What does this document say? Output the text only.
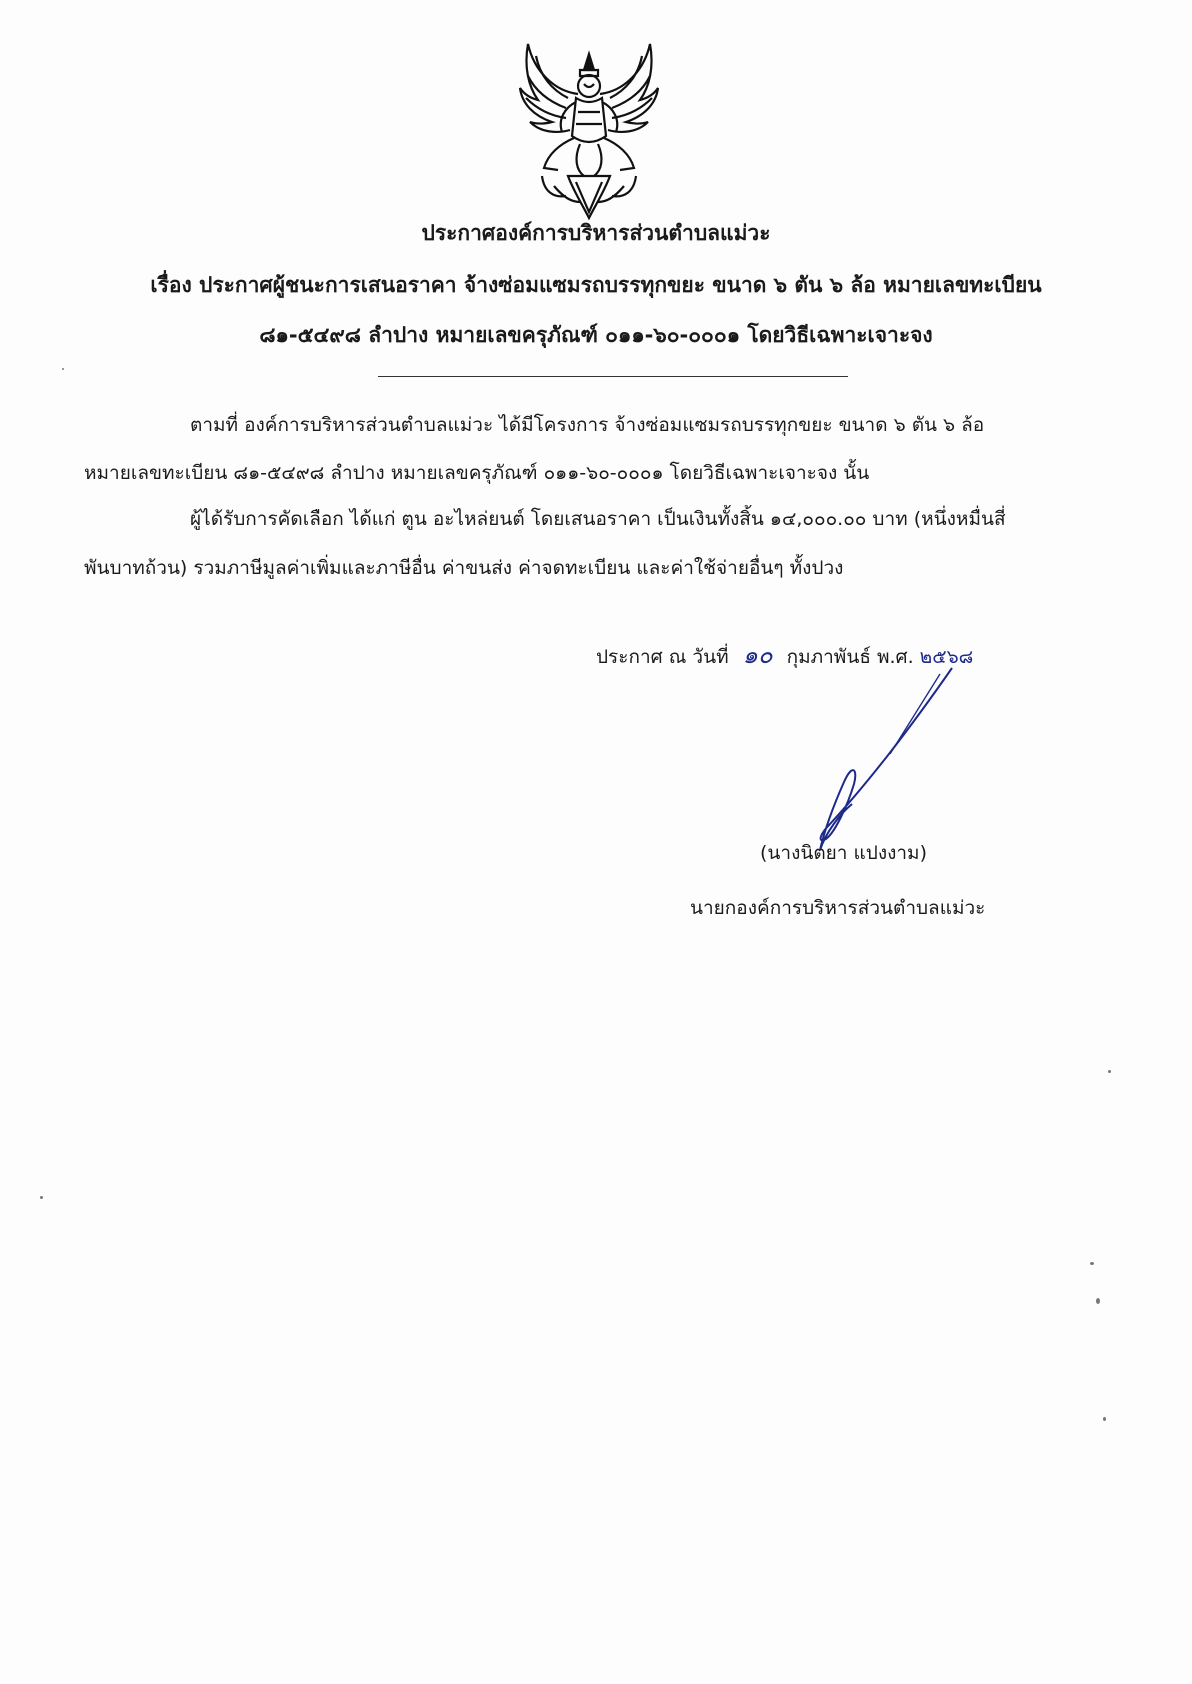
ประกาศองค์การบริหารส่วนตำบลแม่วะ
เรื่อง ประกาศผู้ชนะการเสนอราคา จ้างซ่อมแซมรถบรรทุกขยะ ขนาด ๖ ตัน ๖ ล้อ หมายเลขทะเบียน
๘๑-๕๔๙๘ ลำปาง หมายเลขครุภัณฑ์ ๐๑๑-๖๐-๐๐๐๑ โดยวิธีเฉพาะเจาะจง
ตามที่ องค์การบริหารส่วนตำบลแม่วะ ได้มีโครงการ จ้างซ่อมแซมรถบรรทุกขยะ ขนาด ๖ ตัน ๖ ล้อ
หมายเลขทะเบียน ๘๑-๕๔๙๘ ลำปาง หมายเลขครุภัณฑ์ ๐๑๑-๖๐-๐๐๐๑ โดยวิธีเฉพาะเจาะจง นั้น
ผู้ได้รับการคัดเลือก ได้แก่ ตูน อะไหล่ยนต์ โดยเสนอราคา เป็นเงินทั้งสิ้น ๑๔,๐๐๐.๐๐ บาท (หนึ่งหมื่นสี่
พันบาทถ้วน) รวมภาษีมูลค่าเพิ่มและภาษีอื่น ค่าขนส่ง ค่าจดทะเบียน และค่าใช้จ่ายอื่นๆ ทั้งปวง
ประกาศ ณ วันที่ ๑๐ กุมภาพันธ์ พ.ศ. ๒๕๖๘
(นางนิตยา แปงงาม)
นายกองค์การบริหารส่วนตำบลแม่วะ
